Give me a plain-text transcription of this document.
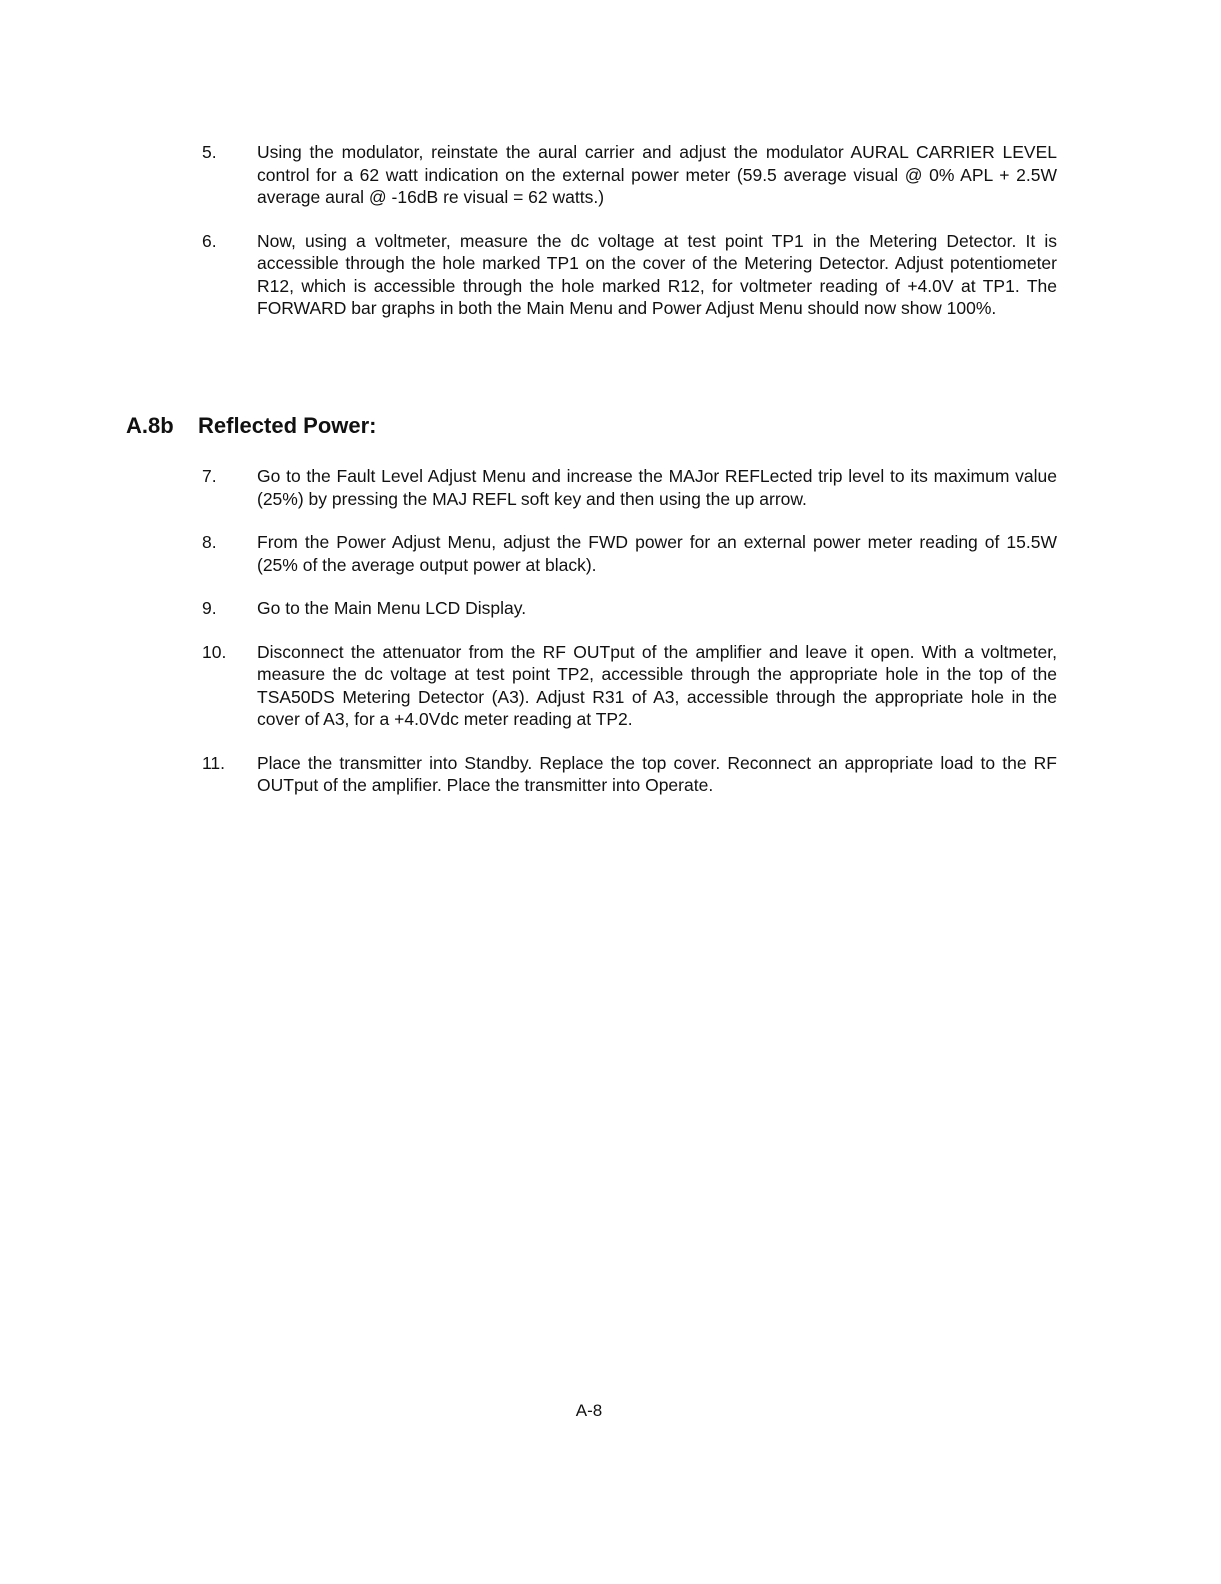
5. Using the modulator, reinstate the aural carrier and adjust the modulator AURAL CARRIER LEVEL control for a 62 watt indication on the external power meter (59.5 average visual @ 0% APL + 2.5W average aural @ -16dB re visual = 62 watts.)
6. Now, using a voltmeter, measure the dc voltage at test point TP1 in the Metering Detector. It is accessible through the hole marked TP1 on the cover of the Metering Detector. Adjust potentiometer R12, which is accessible through the hole marked R12, for voltmeter reading of +4.0V at TP1. The FORWARD bar graphs in both the Main Menu and Power Adjust Menu should now show 100%.
A.8b Reflected Power:
7. Go to the Fault Level Adjust Menu and increase the MAJor REFLected trip level to its maximum value (25%) by pressing the MAJ REFL soft key and then using the up arrow.
8. From the Power Adjust Menu, adjust the FWD power for an external power meter reading of 15.5W (25% of the average output power at black).
9. Go to the Main Menu LCD Display.
10. Disconnect the attenuator from the RF OUTput of the amplifier and leave it open. With a voltmeter, measure the dc voltage at test point TP2, accessible through the appropriate hole in the top of the TSA50DS Metering Detector (A3). Adjust R31 of A3, accessible through the appropriate hole in the cover of A3, for a +4.0Vdc meter reading at TP2.
11. Place the transmitter into Standby. Replace the top cover. Reconnect an appropriate load to the RF OUTput of the amplifier. Place the transmitter into Operate.
A-8
